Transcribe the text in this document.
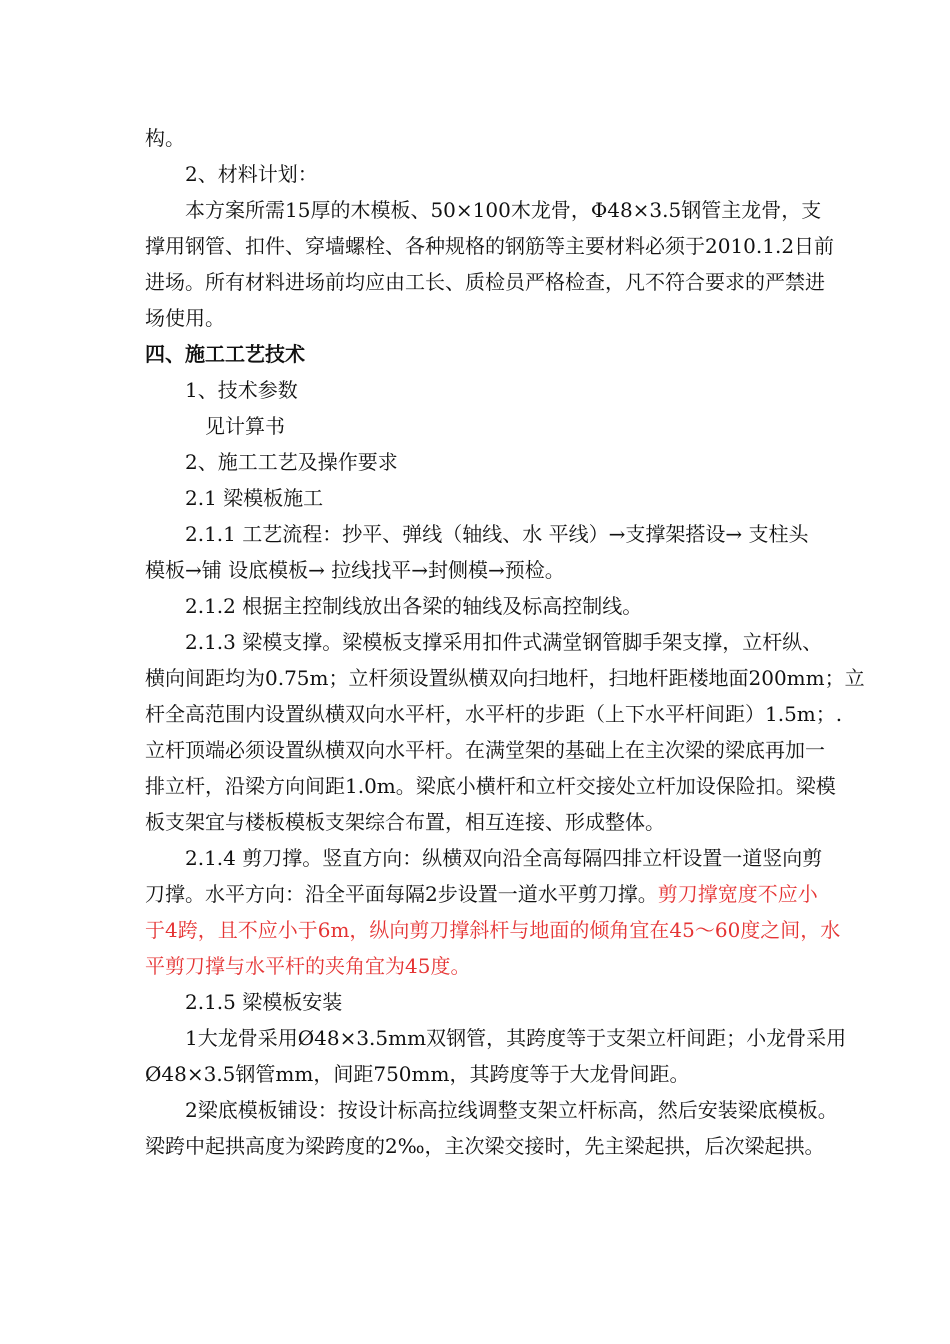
构。

2、材料计划：

本方案所需15厚的木模板、50×100木龙骨，Φ48×3.5钢管主龙骨，支

撑用钢管、扣件、穿墙螺栓、各种规格的钢筋等主要材料必须于2010.1.2日前

进场。所有材料进场前均应由工长、质检员严格检查，凡不符合要求的严禁进

场使用。

四、施工工艺技术

1、技术参数

见计算书

2、施工工艺及操作要求

2.1 梁模板施工

2.1.1 工艺流程：抄平、弹线（轴线、水 平线）→支撑架搭设→ 支柱头

模板→铺 设底模板→ 拉线找平→封侧模→预检。

2.1.2 根据主控制线放出各梁的轴线及标高控制线。

2.1.3 梁模支撑。梁模板支撑采用扣件式满堂钢管脚手架支撑，立杆纵、

横向间距均为0.75m；立杆须设置纵横双向扫地杆，扫地杆距楼地面200mm；立

杆全高范围内设置纵横双向水平杆，水平杆的步距（上下水平杆间距）1.5m；.

立杆顶端必须设置纵横双向水平杆。在满堂架的基础上在主次梁的梁底再加一

排立杆，沿梁方向间距1.0m。梁底小横杆和立杆交接处立杆加设保险扣。梁模

板支架宜与楼板模板支架综合布置，相互连接、形成整体。

2.1.4 剪刀撑。竖直方向：纵横双向沿全高每隔四排立杆设置一道竖向剪

刀撑。水平方向：沿全平面每隔2步设置一道水平剪刀撑。剪刀撑宽度不应小

于4跨，且不应小于6m，纵向剪刀撑斜杆与地面的倾角宜在45～60度之间，水

平剪刀撑与水平杆的夹角宜为45度。

2.1.5 梁模板安装

1大龙骨采用Ø48×3.5mm双钢管，其跨度等于支架立杆间距；小龙骨采用

Ø48×3.5钢管mm，间距750mm，其跨度等于大龙骨间距。

2梁底模板铺设：按设计标高拉线调整支架立杆标高，然后安装梁底模板。

梁跨中起拱高度为梁跨度的2‰，主次梁交接时，先主梁起拱，后次梁起拱。
